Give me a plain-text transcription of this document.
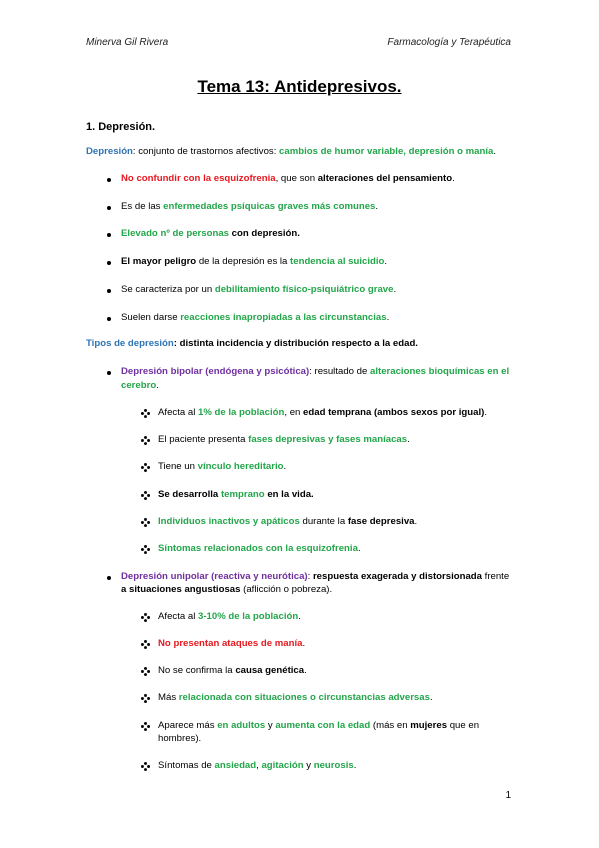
Minerva Gil Rivera	Farmacología y Terapéutica
Tema 13: Antidepresivos.
1. Depresión.
Depresión: conjunto de trastornos afectivos: cambios de humor variable, depresión o manía.
No confundir con la esquizofrenia, que son alteraciones del pensamiento.
Es de las enfermedades psíquicas graves más comunes.
Elevado nº de personas con depresión.
El mayor peligro de la depresión es la tendencia al suicidio.
Se caracteriza por un debilitamiento físico-psiquiátrico grave.
Suelen darse reacciones inapropiadas a las circunstancias.
Tipos de depresión: distinta incidencia y distribución respecto a la edad.
Depresión bipolar (endógena y psicótica): resultado de alteraciones bioquímicas en el
cerebro.
Afecta al 1% de la población, en edad temprana (ambos sexos por igual).
El paciente presenta fases depresivas y fases maníacas.
Tiene un vínculo hereditario.
Se desarrolla temprano en la vida.
Individuos inactivos y apáticos durante la fase depresiva.
Síntomas relacionados con la esquizofrenia.
Depresión unipolar (reactiva y neurótica): respuesta exagerada y distorsionada frente
a situaciones angustiosas (aflicción o pobreza).
Afecta al 3-10% de la población.
No presentan ataques de manía.
No se confirma la causa genética.
Más relacionada con situaciones o circunstancias adversas.
Aparece más en adultos y aumenta con la edad (más en mujeres que en
hombres).
Síntomas de ansiedad, agitación y neurosis.
1
